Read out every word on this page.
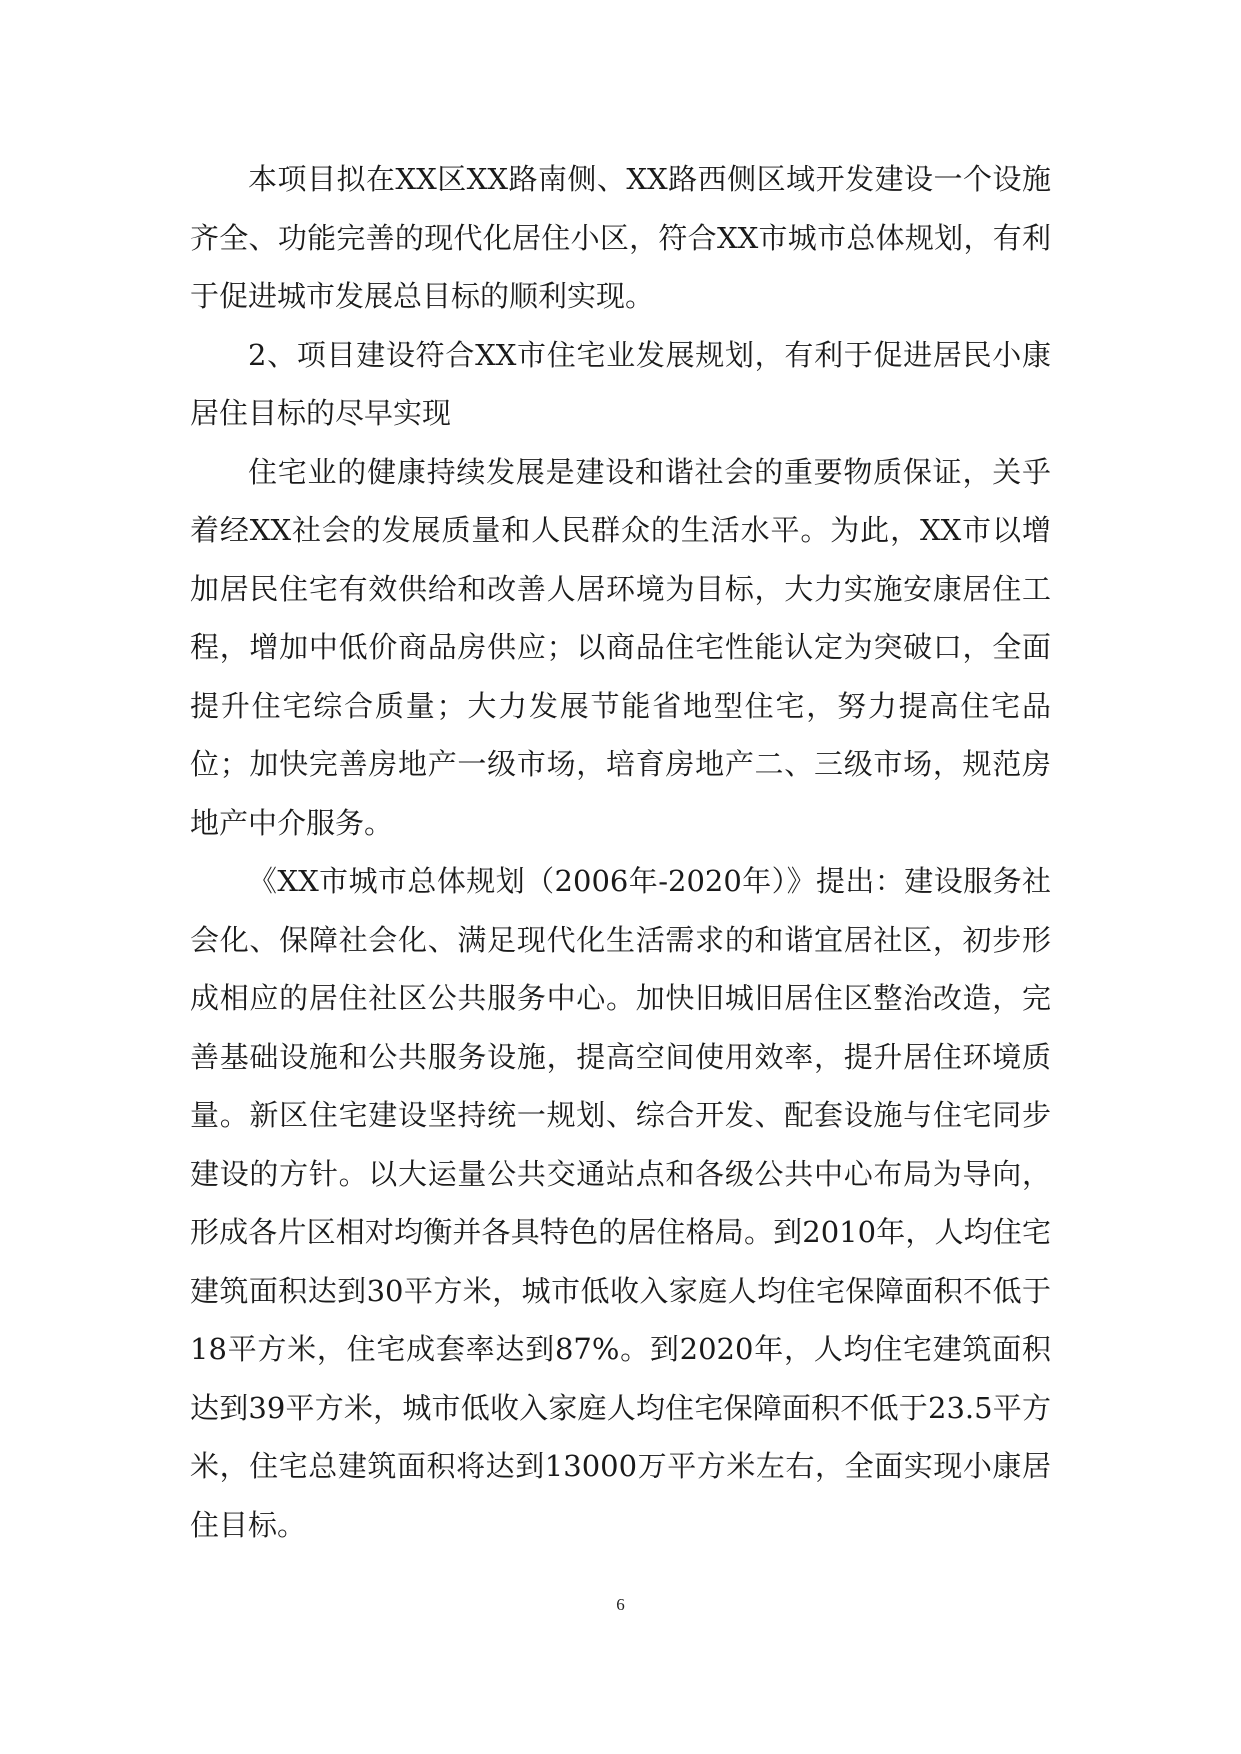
本项目拟在XX区XX路南侧、XX路西侧区域开发建设一个设施齐全、功能完善的现代化居住小区，符合XX市城市总体规划，有利于促进城市发展总目标的顺利实现。

2、项目建设符合XX市住宅业发展规划，有利于促进居民小康居住目标的尽早实现

住宅业的健康持续发展是建设和谐社会的重要物质保证，关乎着经XX社会的发展质量和人民群众的生活水平。为此，XX市以增加居民住宅有效供给和改善人居环境为目标，大力实施安康居住工程，增加中低价商品房供应；以商品住宅性能认定为突破口，全面提升住宅综合质量；大力发展节能省地型住宅，努力提高住宅品位；加快完善房地产一级市场，培育房地产二、三级市场，规范房地产中介服务。

《XX市城市总体规划（2006年-2020年）》提出：建设服务社会化、保障社会化、满足现代化生活需求的和谐宜居社区，初步形成相应的居住社区公共服务中心。加快旧城旧居住区整治改造，完善基础设施和公共服务设施，提高空间使用效率，提升居住环境质量。新区住宅建设坚持统一规划、综合开发、配套设施与住宅同步建设的方针。以大运量公共交通站点和各级公共中心布局为导向，形成各片区相对均衡并各具特色的居住格局。到2010年，人均住宅建筑面积达到30平方米，城市低收入家庭人均住宅保障面积不低于18平方米，住宅成套率达到87%。到2020年，人均住宅建筑面积达到39平方米，城市低收入家庭人均住宅保障面积不低于23.5平方米，住宅总建筑面积将达到13000万平方米左右，全面实现小康居住目标。

6
